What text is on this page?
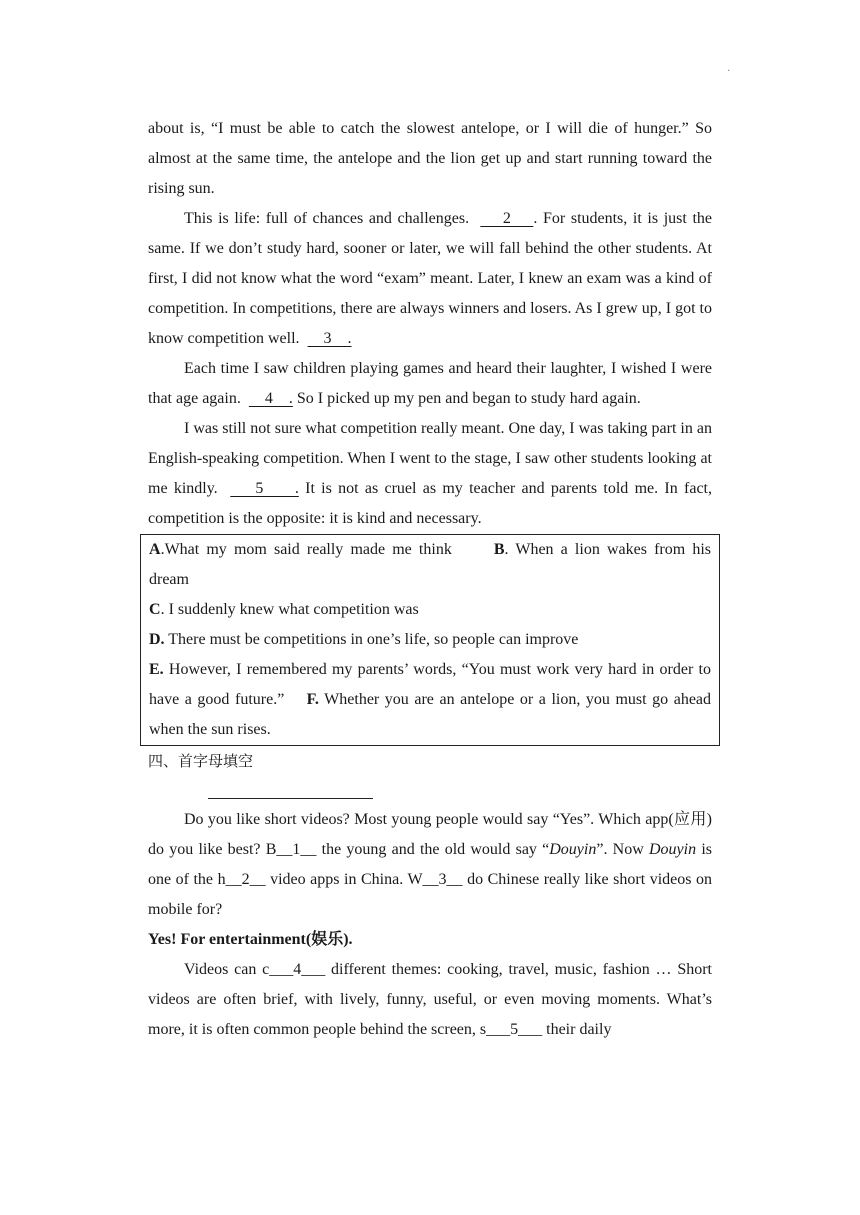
·

about is, “I must be able to catch the slowest antelope, or I will die of hunger.” So almost at the same time, the antelope and the lion get up and start running toward the rising sun.

This is life: full of chances and challenges.      2    . For students, it is just the same. If we don’t study hard, sooner or later, we will fall behind the other students. At first, I did not know what the word “exam” meant. Later, I knew an exam was a kind of competition. In competitions, there are always winners and losers. As I grew up, I got to know competition well.      3    .

Each time I saw children playing games and heard their laughter, I wished I were that age again.      4    . So I picked up my pen and began to study hard again.

I was still not sure what competition really meant. One day, I was taking part in an English-speaking competition. When I went to the stage, I saw other students looking at me kindly.      5     . It is not as cruel as my teacher and parents told me. In fact, competition is the opposite: it is kind and necessary.

A.What my mom said really made me think	B. When a lion wakes from his dream

C. I suddenly knew what competition was

D. There must be competitions in one’s life, so people can improve

E. However, I remembered my parents’ words, “You must work very hard in order to have a good future.” F. Whether you are an antelope or a lion, you must go ahead when the sun rises.

四、首字母填空

Do you like short videos? Most young people would say “Yes”. Which app(应用) do you like best? B__1__ the young and the old would say “Douyin”. Now Douyin is one of the h__2__ video apps in China. W__3__ do Chinese really like short videos on mobile for?

Yes! For entertainment(娱乐).

Videos can c___4___ different themes: cooking, travel, music, fashion … Short videos are often brief, with lively, funny, useful, or even moving moments. What’s more, it is often common people behind the screen, s___5___ their daily
